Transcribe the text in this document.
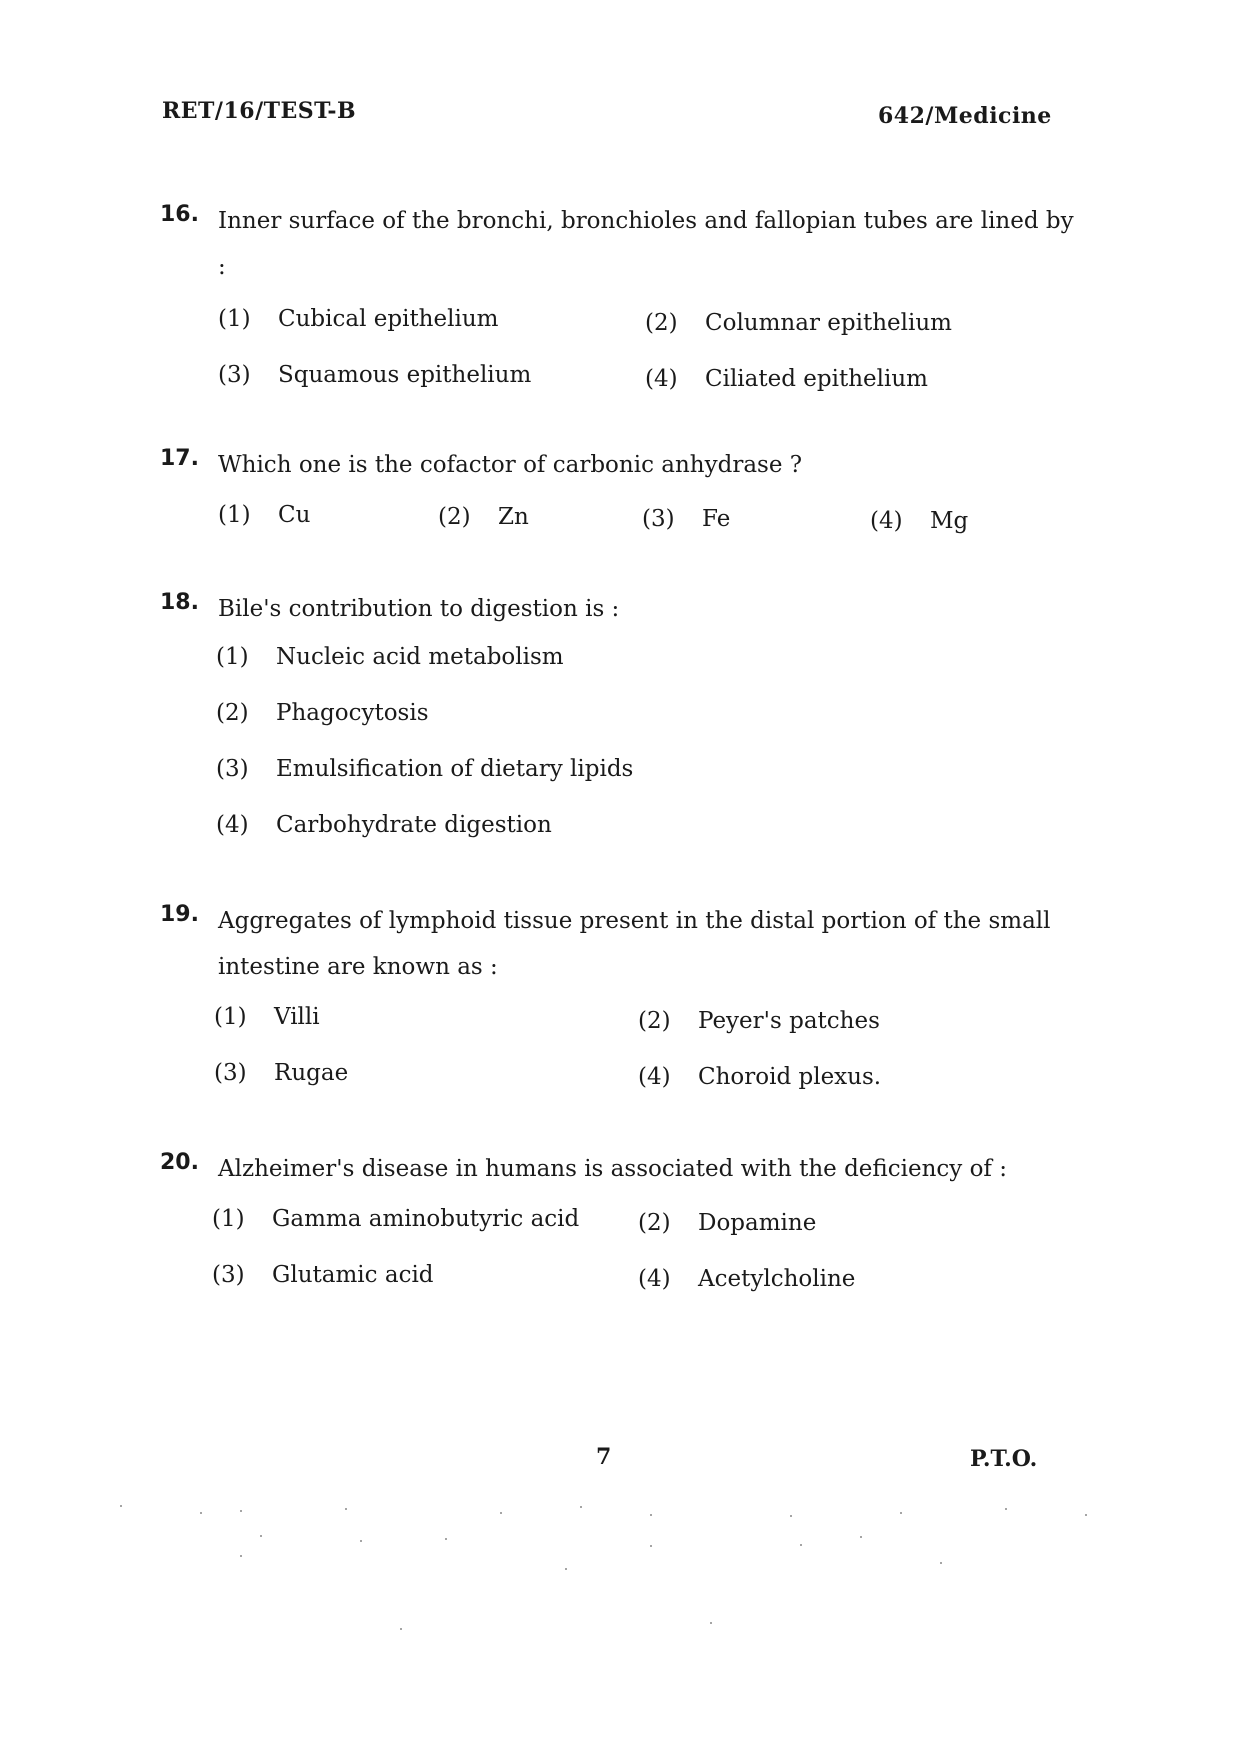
RET/16/TEST-B	642/Medicine
16. Inner surface of the bronchi, bronchioles and fallopian tubes are lined by :
(1) Cubical epithelium	(2) Columnar epithelium
(3) Squamous epithelium	(4) Ciliated epithelium
17. Which one is the cofactor of carbonic anhydrase ?
(1) Cu	(2) Zn	(3) Fe	(4) Mg
18. Bile's contribution to digestion is :
(1) Nucleic acid metabolism
(2) Phagocytosis
(3) Emulsification of dietary lipids
(4) Carbohydrate digestion
19. Aggregates of lymphoid tissue present in the distal portion of the small intestine are known as :
(1) Villi	(2) Peyer's patches
(3) Rugae	(4) Choroid plexus.
20. Alzheimer's disease in humans is associated with the deficiency of :
(1) Gamma aminobutyric acid	(2) Dopamine
(3) Glutamic acid	(4) Acetylcholine
7	P.T.O.
